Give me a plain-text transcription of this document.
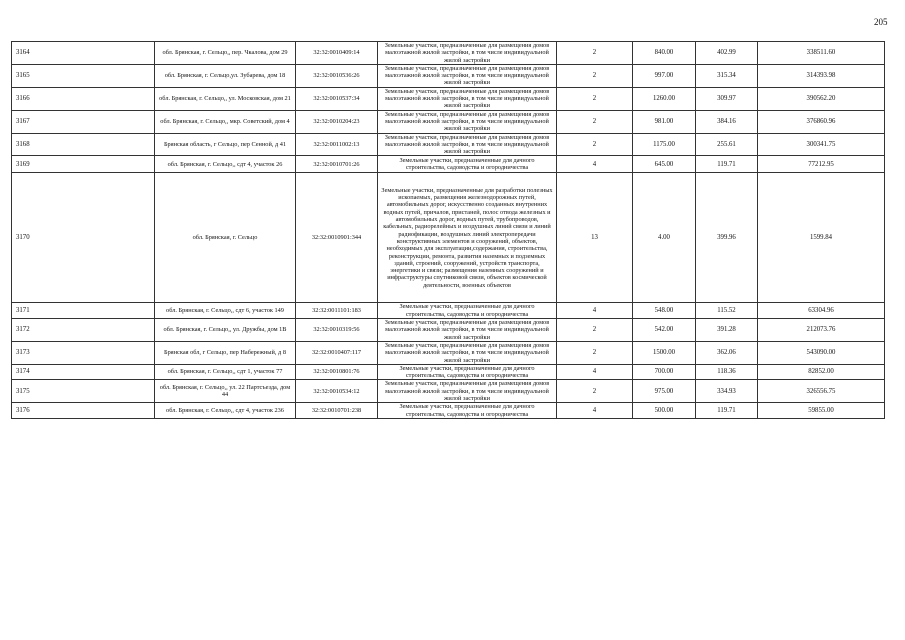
205
3164	обл. Брянская, г. Сельцо,, пер. Чкалова, дом 29	32:32:0010409:14	Земельные участки, предназначенные для размещения домов малоэтажной жилой застройки, в том числе индивидуальной жилой застройки	2	840.00	402.99	338511.60
3165	обл. Брянская, г. Сельцо,ул. Зубарева, дом 18	32:32:0010536:26	Земельные участки, предназначенные для размещения домов малоэтажной жилой застройки, в том числе индивидуальной жилой застройки	2	997.00	315.34	314393.98
3166	обл. Брянская, г. Сельцо,, ул. Московская, дом 21	32:32:0010537:34	Земельные участки, предназначенные для размещения домов малоэтажной жилой застройки, в том числе индивидуальной жилой застройки	2	1260.00	309.97	390562.20
3167	обл. Брянская, г. Сельцо,, мкр. Советский, дом 4	32:32:0010204:23	Земельные участки, предназначенные для размещения домов малоэтажной жилой застройки, в том числе индивидуальной жилой застройки	2	981.00	384.16	376860.96
3168	Брянская область, г Сельцо, пер Сенной, д 41	32:32:0011002:13	Земельные участки, предназначенные для размещения домов малоэтажной жилой застройки, в том числе индивидуальной жилой застройки	2	1175.00	255.61	300341.75
3169	обл. Брянская, г. Сельцо,, сдт 4, участок 26	32:32:0010701:26	Земельные участки, предназначенные для дачного строительства, садоводства и огородничества	4	645.00	119.71	77212.95
3170	обл. Брянская, г. Сельцо	32:32:0010901:344	Земельные участки, предназначенные для разработки полезных ископаемых, размещения железнодорожных путей, автомобильных дорог, искусственно созданных внутренних водных путей, причалов, пристаней, полос отвода железных и автомобильных дорог, водных путей, трубопроводов, кабельных, радиорелейных и воздушных линий связи и линий радиофикации, воздушных линий электропередачи конструктивных элементов и сооружений, объектов, необходимых для эксплуатации,содержания, строительства, реконструкции, ремонта, развития наземных и подземных зданий, строений, сооружений, устройств транспорта, энергетики и связи; размещения наземных сооружений и инфраструктуры спутниковой связи, объектов космической деятельности, военных объектов	13	4.00	399.96	1599.84
3171	обл. Брянская, г. Сельцо,, сдт 6, участок 149	32:32:0011101:183	Земельные участки, предназначенные для дачного строительства, садоводства и огородничества	4	548.00	115.52	63304.96
3172	обл. Брянская, г. Сельцо,, ул. Дружбы, дом 1В	32:32:0010319:56	Земельные участки, предназначенные для размещения домов малоэтажной жилой застройки, в том числе индивидуальной жилой застройки	2	542.00	391.28	212073.76
3173	Брянская обл, г Сельцо, пер Набережный, д 8	32:32:0010407:117	Земельные участки, предназначенные для размещения домов малоэтажной жилой застройки, в том числе индивидуальной жилой застройки	2	1500.00	362.06	543090.00
3174	обл. Брянская, г. Сельцо,, сдт 1, участок 77	32:32:0010801:76	Земельные участки, предназначенные для дачного строительства, садоводства и огородничества	4	700.00	118.36	82852.00
3175	обл. Брянская, г. Сельцо,, ул. 22 Партсъезда, дом 44	32:32:0010534:12	Земельные участки, предназначенные для размещения домов малоэтажной жилой застройки, в том числе индивидуальной жилой застройки	2	975.00	334.93	326556.75
3176	обл. Брянская, г. Сельцо,, сдт 4, участок 236	32:32:0010701:238	Земельные участки, предназначенные для дачного строительства, садоводства и огородничества	4	500.00	119.71	59855.00
